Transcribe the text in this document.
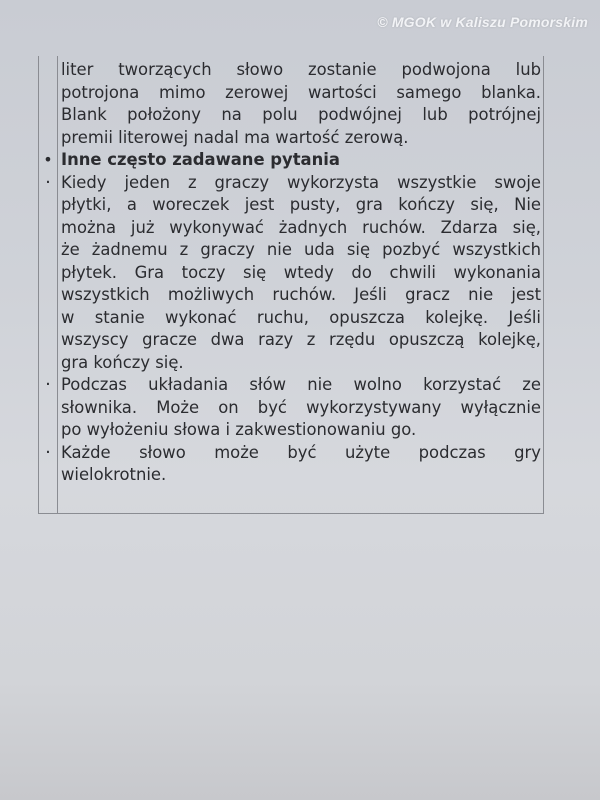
© MGOK w Kaliszu Pomorskim
liter tworzących słowo zostanie podwojona lub
potrojona mimo zerowej wartości samego blanka.
Blank położony na polu podwójnej lub potrójnej
premii literowej nadal ma wartość zerową.
• Inne często zadawane pytania
· Kiedy jeden z graczy wykorzysta wszystkie swoje
płytki, a woreczek jest pusty, gra kończy się, Nie
można już wykonywać żadnych ruchów. Zdarza się,
że żadnemu z graczy nie uda się pozbyć wszystkich
płytek. Gra toczy się wtedy do chwili wykonania
wszystkich możliwych ruchów. Jeśli gracz nie jest
w stanie wykonać ruchu, opuszcza kolejkę. Jeśli
wszyscy gracze dwa razy z rzędu opuszczą kolejkę,
gra kończy się.
· Podczas układania słów nie wolno korzystać ze
słownika. Może on być wykorzystywany wyłącznie
po wyłożeniu słowa i zakwestionowaniu go.
· Każde słowo może być użyte podczas gry
wielokrotnie.
